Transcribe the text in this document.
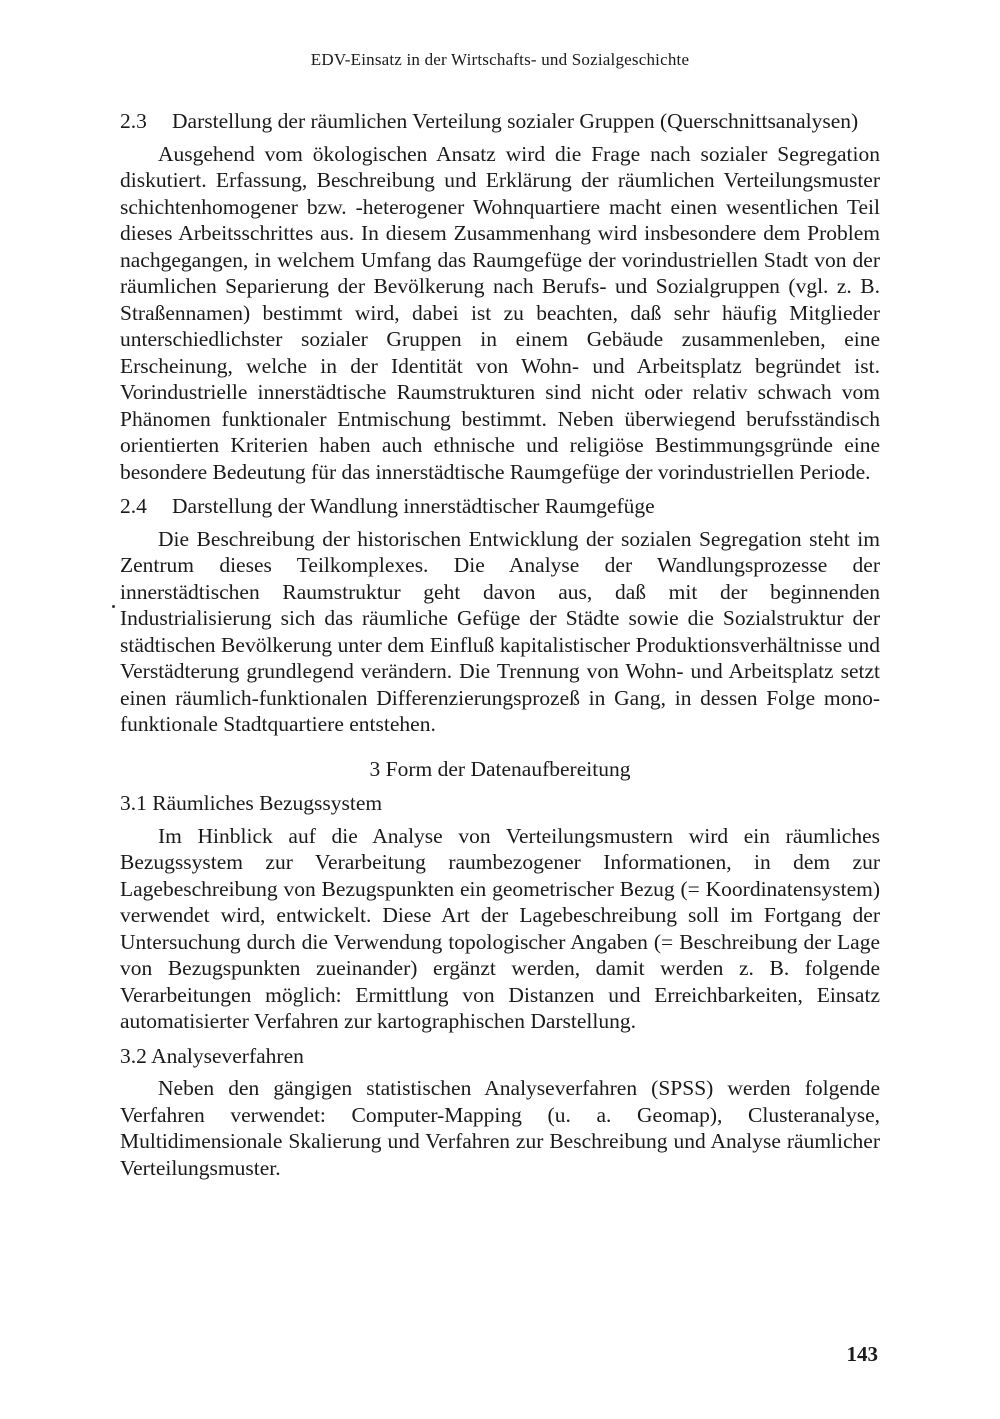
EDV-Einsatz in der Wirtschafts- und Sozialgeschichte
2.3	Darstellung der räumlichen Verteilung sozialer Gruppen (Querschnittsanalysen)

Ausgehend vom ökologischen Ansatz wird die Frage nach sozialer Segregation diskutiert. Erfassung, Beschreibung und Erklärung der räumlichen Verteilungsmuster schichtenhomogener bzw. -heterogener Wohnquartiere macht einen wesentlichen Teil dieses Arbeitsschrittes aus. In diesem Zusammenhang wird insbesondere dem Problem nachgegangen, in welchem Umfang das Raumgefüge der vorindustriellen Stadt von der räumlichen Separierung der Bevölkerung nach Berufs- und Sozialgruppen (vgl. z. B. Straßennamen) bestimmt wird, dabei ist zu beachten, daß sehr häufig Mitglieder unterschiedlichster sozialer Gruppen in einem Gebäude zusammenleben, eine Erscheinung, welche in der Identität von Wohn- und Arbeitsplatz begründet ist. Vorindustrielle innerstädtische Raumstrukturen sind nicht oder relativ schwach vom Phänomen funktionaler Entmischung bestimmt. Neben überwiegend berufsständisch orientierten Kriterien haben auch ethnische und religiöse Bestimmungsgründe eine besondere Bedeutung für das innerstädtische Raumgefüge der vorindustriellen Periode.

2.4	Darstellung der Wandlung innerstädtischer Raumgefüge

Die Beschreibung der historischen Entwicklung der sozialen Segregation steht im Zentrum dieses Teilkomplexes. Die Analyse der Wandlungsprozesse der innerstädtischen Raumstruktur geht davon aus, daß mit der beginnenden Industrialisierung sich das räumliche Gefüge der Städte sowie die Sozialstruktur der städtischen Bevölkerung unter dem Einfluß kapitalistischer Produktionsverhältnisse und Verstädterung grundlegend verändern. Die Trennung von Wohn- und Arbeitsplatz setzt einen räumlich-funktionalen Differenzierungsprozeß in Gang, in dessen Folge mono-funktionale Stadtquartiere entstehen.

3 Form der Datenaufbereitung
3.1 Räumliches Bezugssystem

Im Hinblick auf die Analyse von Verteilungsmustern wird ein räumliches Bezugssystem zur Verarbeitung raumbezogener Informationen, in dem zur Lagebeschreibung von Bezugspunkten ein geometrischer Bezug (= Koordinatensystem) verwendet wird, entwickelt. Diese Art der Lagebeschreibung soll im Fortgang der Untersuchung durch die Verwendung topologischer Angaben (= Beschreibung der Lage von Bezugspunkten zueinander) ergänzt werden, damit werden z. B. folgende Verarbeitungen möglich: Ermittlung von Distanzen und Erreichbarkeiten, Einsatz automatisierter Verfahren zur kartographischen Darstellung.

3.2 Analyseverfahren

Neben den gängigen statistischen Analyseverfahren (SPSS) werden folgende Verfahren verwendet: Computer-Mapping (u. a. Geomap), Clusteranalyse, Multidimensionale Skalierung und Verfahren zur Beschreibung und Analyse räumlicher Verteilungsmuster.

143
